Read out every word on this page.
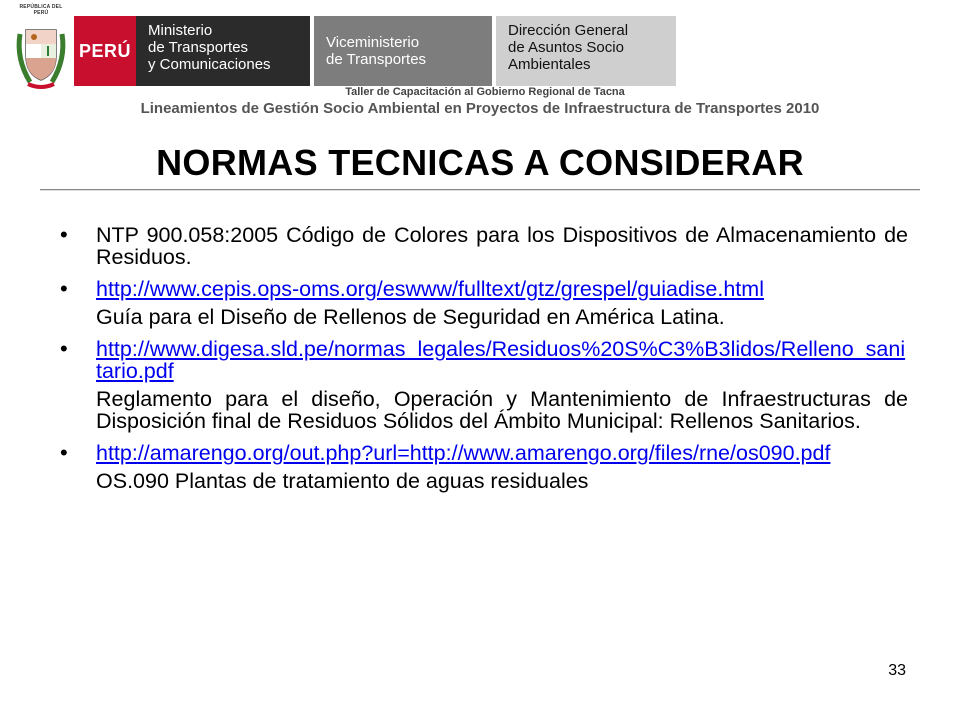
REPÚBLICA DEL PERÚ
PERÚ
Ministerio
de Transportes
y Comunicaciones
Viceministerio
de Transportes
Dirección General
de Asuntos Socio
Ambientales
Taller de Capacitación al Gobierno Regional de Tacna
Lineamientos de Gestión Socio Ambiental en Proyectos de Infraestructura de Transportes 2010
NORMAS TECNICAS A CONSIDERAR
• NTP 900.058:2005 Código de Colores para los Dispositivos de Almacenamiento de Residuos.
• http://www.cepis.ops-oms.org/eswww/fulltext/gtz/grespel/guiadise.html
Guía para el Diseño de Rellenos de Seguridad en América Latina.
• http://www.digesa.sld.pe/normas_legales/Residuos%20S%C3%B3lidos/Relleno_sanitario.pdf
Reglamento para el diseño, Operación y Mantenimiento de Infraestructuras de Disposición final de Residuos Sólidos del Ámbito Municipal: Rellenos Sanitarios.
• http://amarengo.org/out.php?url=http://www.amarengo.org/files/rne/os090.pdf
OS.090 Plantas de tratamiento de aguas residuales
33
